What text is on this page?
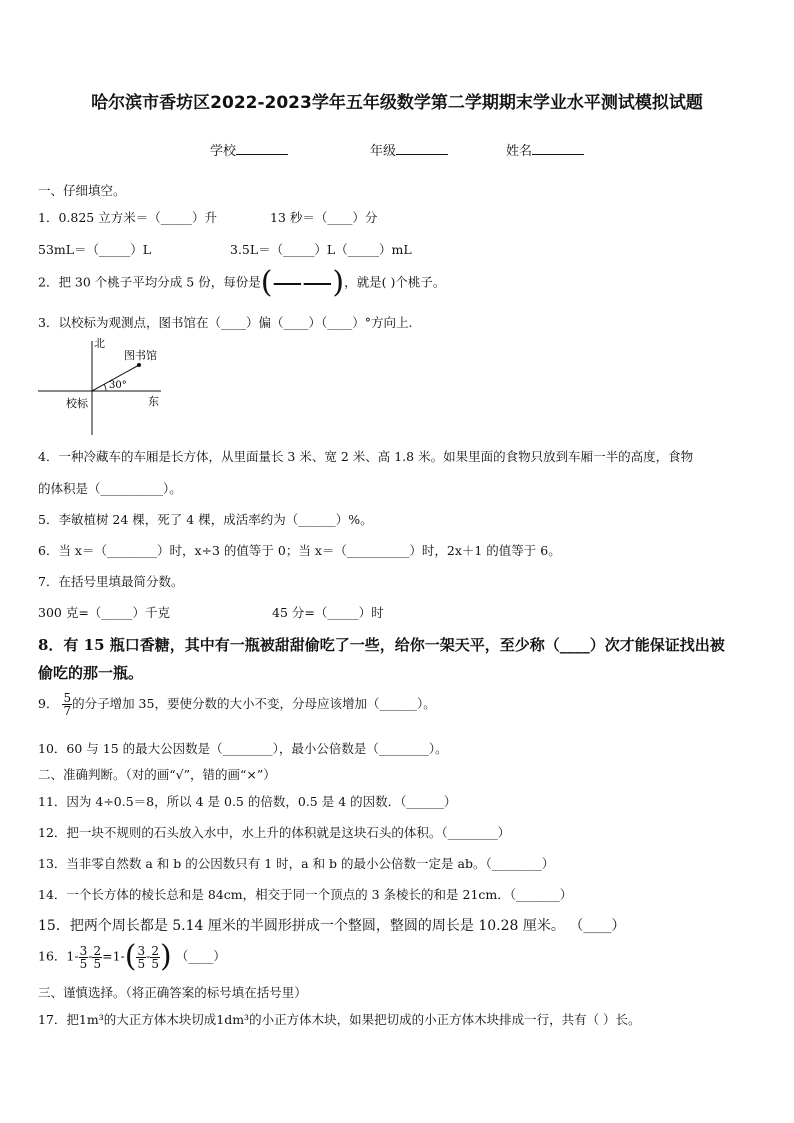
哈尔滨市香坊区2022-2023学年五年级数学第二学期期末学业水平测试模拟试题
学校	年级	姓名
一、仔细填空。
1．0.825 立方米＝（_____）升	13 秒＝（____）分
53mL＝（_____）L	3.5L＝（_____）L（_____）mL
2．把 30 个桃子平均分成 5 份，每份是(——)，就是( )个桃子。
3．以校标为观测点，图书馆在（____）偏（____）（____）°方向上.
北
东
校标
图书馆
30°
4．一种冷藏车的车厢是长方体，从里面量长 3 米、宽 2 米、高 1.8 米。如果里面的食物只放到车厢一半的高度，食物
的体积是（__________）。
5．李敏植树 24 棵，死了 4 棵，成活率约为（______）%。
6．当 x＝（________）时，x÷3 的值等于 0；当 x＝（__________）时，2x＋1 的值等于 6。
7．在括号里填最简分数。
300 克=（_____）千克	45 分=（_____）时
8．有 15 瓶口香糖，其中有一瓶被甜甜偷吃了一些，给你一架天平，至少称（____）次才能保证找出被
偷吃的那一瓶。
9． $\frac{5}{7}$ 的分子增加 35，要使分数的大小不变，分母应该增加（______）。
10．60 与 15 的最大公因数是（________），最小公倍数是（________）。
二、准确判断。（对的画“√”，错的画“×”）
11．因为 4÷0.5＝8，所以 4 是 0.5 的倍数，0.5 是 4 的因数．（______）
12．把一块不规则的石头放入水中，水上升的体积就是这块石头的体积。（________）
13．当非零自然数 a 和 b 的公因数只有 1 时，a 和 b 的最小公倍数一定是 ab。（________）
14．一个长方体的棱长总和是 84cm，相交于同一个顶点的 3 条棱长的和是 21cm．（_______）
15．把两个周长都是 5.14 厘米的半圆形拼成一个整圆，整圆的周长是 10.28 厘米。 （____）
16．$1- \frac{3}{5} - \frac{2}{5} =1-( \frac{3}{5} - \frac{2}{5}$ ) （____）
三、谨慎选择。（将正确答案的标号填在括号里）
17．把1m³的大正方体木块切成1dm³的小正方体木块，如果把切成的小正方体木块排成一行，共有（ ）长。
